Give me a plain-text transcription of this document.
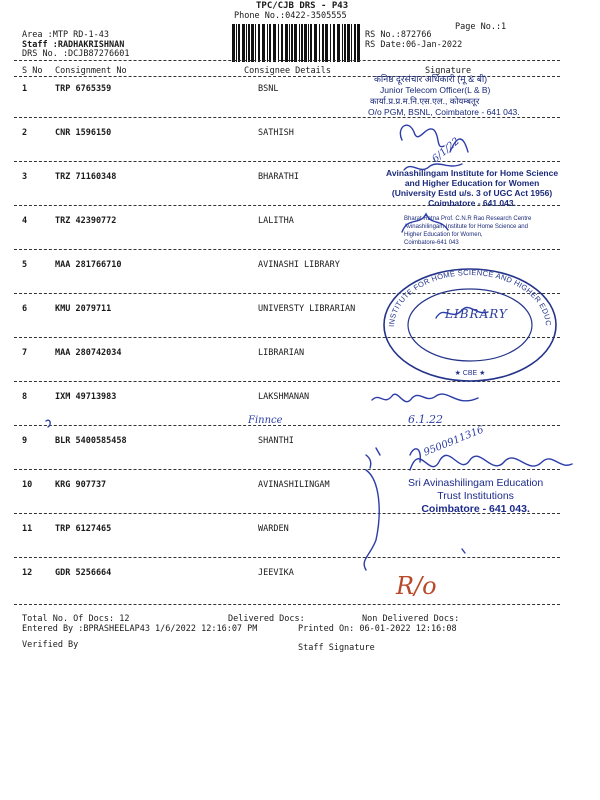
TPC/CJB DRS - P43
Phone No.:0422-3505555
Page No.:1
Area :MTP RD-1-43
Staff :RADHAKRISHNAN
DRS No. :DCJB87276601
RS No.:872766
RS Date:06-Jan-2022
S No Consignment No	Consignee Details	Signature
1	TRP 6765359	BSNL
2	CNR 1596150	SATHISH
3	TRZ 71160348	BHARATHI
4	TRZ 42390772	LALITHA
5	MAA 281766710	AVINASHI LIBRARY
6	KMU 2079711	UNIVERSTY LIBRARIAN
7	MAA 280742034	LIBRARIAN
8	IXM 49713983	LAKSHMANAN
9	BLR 5400585458	SHANTHI
10	KRG 907737	AVINASHILINGAM
11	TRP 6127465	WARDEN
12	GDR 5256664	JEEVIKA
Total No. Of Docs: 12	Delivered Docs:	Non Delivered Docs:
Entered By :BPRASHEELAP43 1/6/2022 12:16:07 PM	Printed On: 06-01-2022 12:16:08
Verified By	Staff Signature
कनिष्ठ दूरसंचार अधिकारी (मू & बी)
Junior Telecom Officer(L & B)
कार्या.प्र.प्र.म.नि.एस.एल., कोयम्बतूर
O/o PGM, BSNL, Coimbatore - 641 043.
Avinashilingam Institute for Home Science
and Higher Education for Women
(University Estd u/s. 3 of UGC Act 1956)
Coimbatore - 641 043.
Bharat Ratna Prof. C.N.R Rao Research Centre
Avinashilingam Institute for Home Science and
Higher Education for Women,
Coimbatore-641 043
INSTITUTE FOR HOME SCIENCE AND HIGHER EDUC
★ CBE ★
LIBRARY
Sri Avinashilingam Education
Trust Institutions
Coimbatore - 641 043.
9500911316
6/1/22
6.1.22
Finnce
R/o
